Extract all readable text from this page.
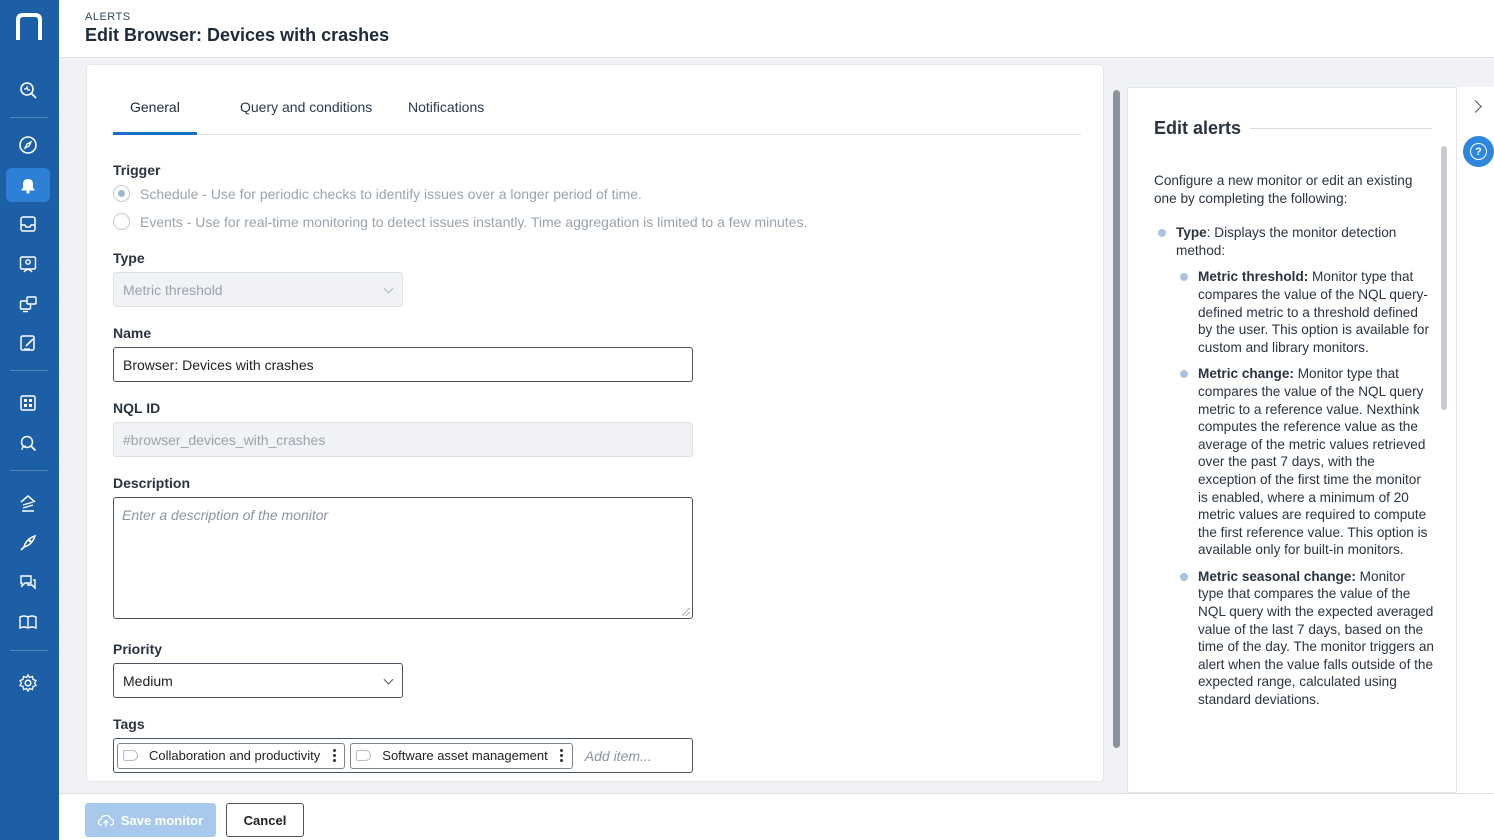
ALERTS
Edit Browser: Devices with crashes
General	Query and conditions	Notifications
Trigger
Schedule - Use for periodic checks to identify issues over a longer period of time.
Events - Use for real-time monitoring to detect issues instantly. Time aggregation is limited to a few minutes.
Type
Metric threshold
Name
Browser: Devices with crashes
NQL ID
#browser_devices_with_crashes
Description
Enter a description of the monitor
Priority
Medium
Tags
Collaboration and productivity	Software asset management	Add item...
Edit alerts

Configure a new monitor or edit an existing one by completing the following:

Type: Displays the monitor detection method:
Metric threshold: Monitor type that compares the value of the NQL query-defined metric to a threshold defined by the user. This option is available for custom and library monitors.
Metric change: Monitor type that compares the value of the NQL query metric to a reference value. Nexthink computes the reference value as the average of the metric values retrieved over the past 7 days, with the exception of the first time the monitor is enabled, where a minimum of 20 metric values are required to compute the first reference value. This option is available only for built-in monitors.
Metric seasonal change: Monitor type that compares the value of the NQL query with the expected averaged value of the last 7 days, based on the time of the day. The monitor triggers an alert when the value falls outside of the expected range, calculated using standard deviations.
?
Save monitor	Cancel
